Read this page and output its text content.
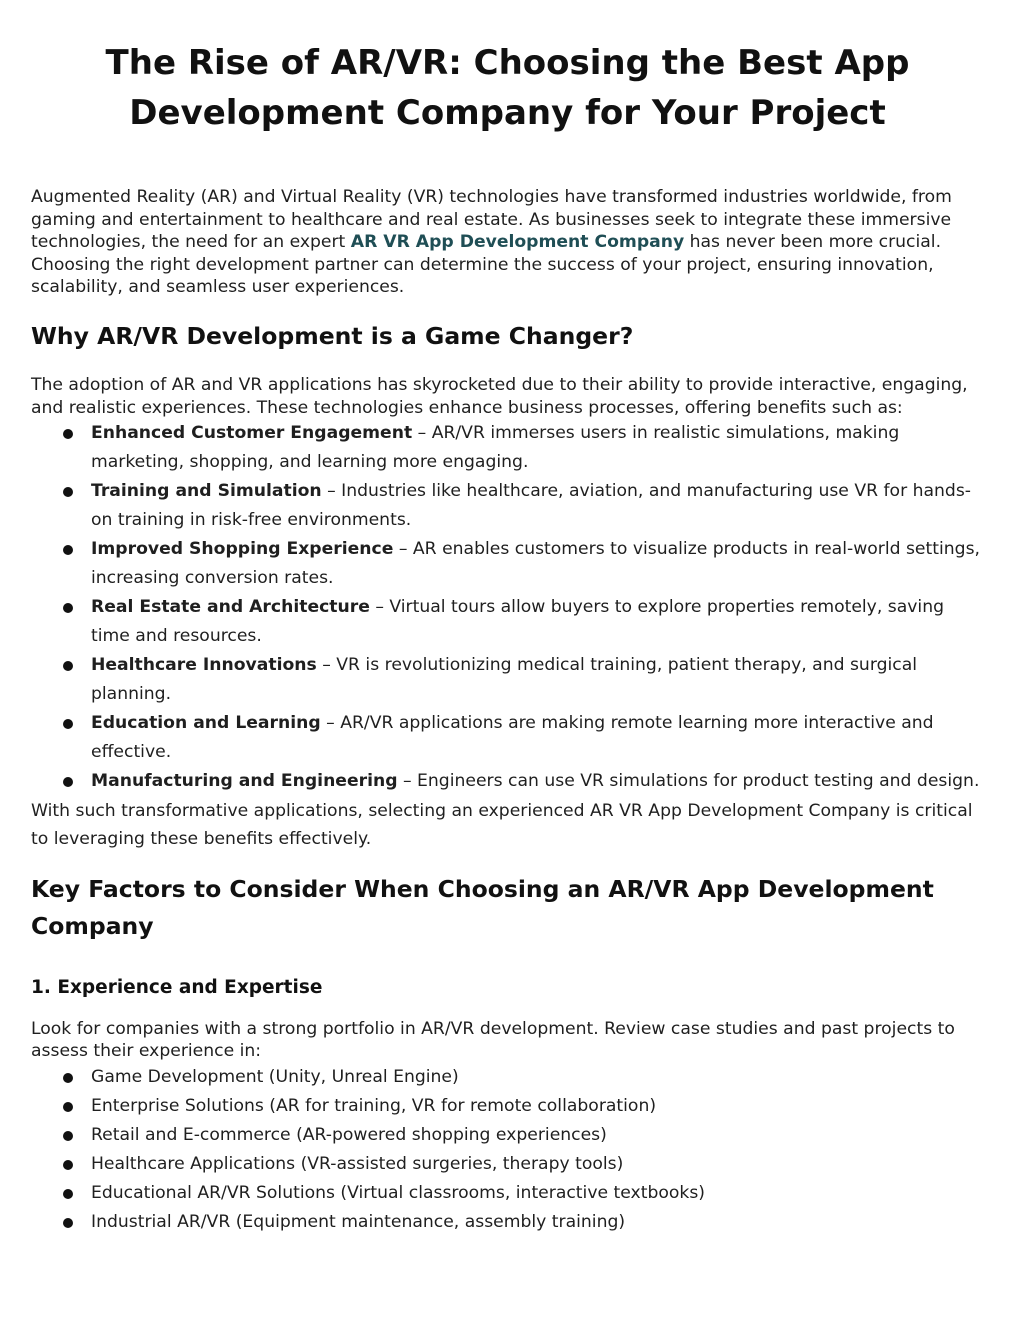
The Rise of AR/VR: Choosing the Best App Development Company for Your Project

Augmented Reality (AR) and Virtual Reality (VR) technologies have transformed industries worldwide, from gaming and entertainment to healthcare and real estate. As businesses seek to integrate these immersive technologies, the need for an expert AR VR App Development Company has never been more crucial. Choosing the right development partner can determine the success of your project, ensuring innovation, scalability, and seamless user experiences.

Why AR/VR Development is a Game Changer?

The adoption of AR and VR applications has skyrocketed due to their ability to provide interactive, engaging, and realistic experiences. These technologies enhance business processes, offering benefits such as:

Enhanced Customer Engagement – AR/VR immerses users in realistic simulations, making marketing, shopping, and learning more engaging.
Training and Simulation – Industries like healthcare, aviation, and manufacturing use VR for hands-on training in risk-free environments.
Improved Shopping Experience – AR enables customers to visualize products in real-world settings, increasing conversion rates.
Real Estate and Architecture – Virtual tours allow buyers to explore properties remotely, saving time and resources.
Healthcare Innovations – VR is revolutionizing medical training, patient therapy, and surgical planning.
Education and Learning – AR/VR applications are making remote learning more interactive and effective.
Manufacturing and Engineering – Engineers can use VR simulations for product testing and design.

With such transformative applications, selecting an experienced AR VR App Development Company is critical to leveraging these benefits effectively.

Key Factors to Consider When Choosing an AR/VR App Development Company
1. Experience and Expertise

Look for companies with a strong portfolio in AR/VR development. Review case studies and past projects to assess their experience in:

Game Development (Unity, Unreal Engine)
Enterprise Solutions (AR for training, VR for remote collaboration)
Retail and E-commerce (AR-powered shopping experiences)
Healthcare Applications (VR-assisted surgeries, therapy tools)
Educational AR/VR Solutions (Virtual classrooms, interactive textbooks)
Industrial AR/VR (Equipment maintenance, assembly training)
